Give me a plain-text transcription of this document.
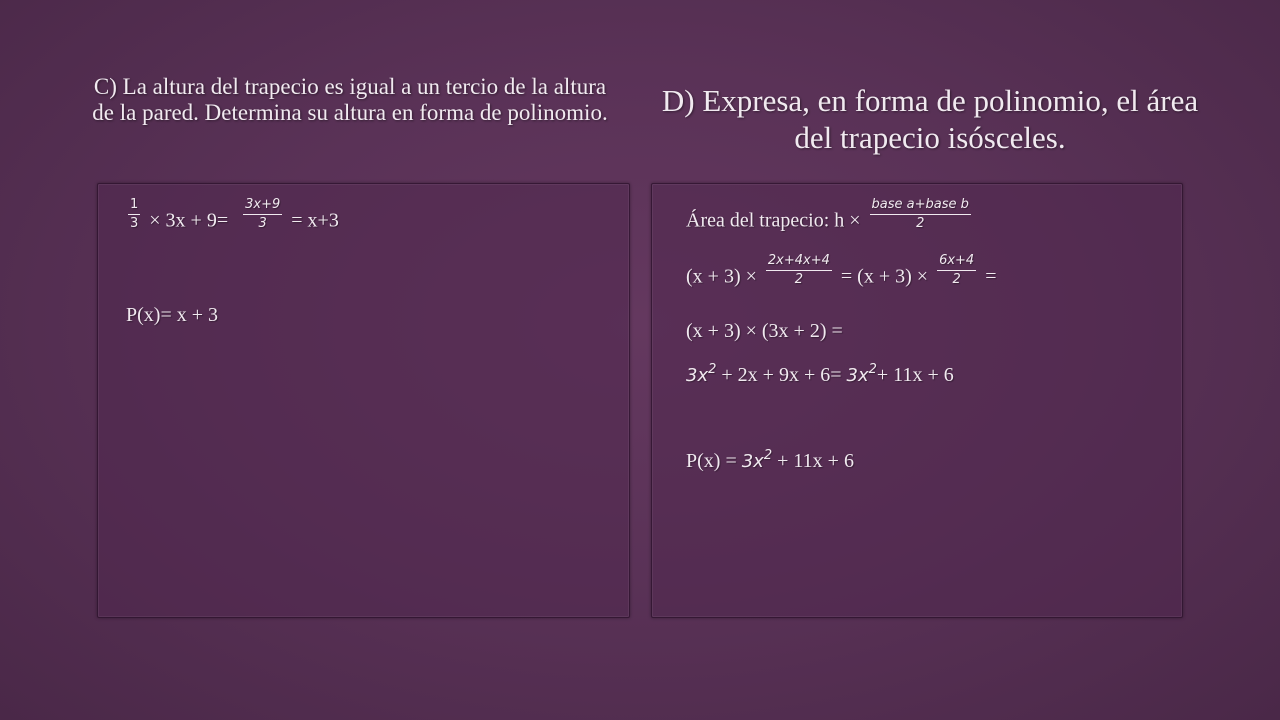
C) La altura del trapecio es igual a un tercio de la altura de la pared. Determina su altura en forma de polinomio.
$\frac{1}{3} \times 3x + 9= \frac{3x+9}{3} = x+3$
P(x)= x + 3
D) Expresa, en forma de polinomio, el área del trapecio isósceles.
Área del trapecio: $h \times \frac{\text{base a+base b}}{2}$
$(x + 3) \times \frac{2x+4x+4}{2} = (x + 3) \times \frac{6x+4}{2}$ =
(x + 3) × (3x + 2) =
$3x^2 + 2x + 9x + 6= 3x^2+ 11x + 6$
$P(x) = 3x^2 + 11x + 6$
